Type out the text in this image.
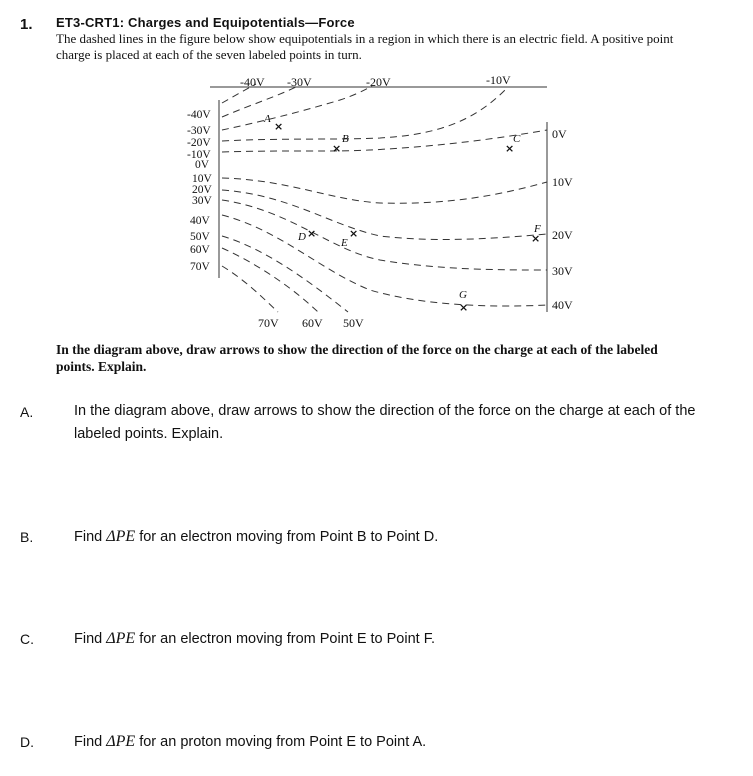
1. ET3-CRT1: Charges and Equipotentials—Force
The dashed lines in the figure below show equipotentials in a region in which there is an electric field. A positive point charge is placed at each of the seven labeled points in turn.
-40V -30V	-20V	-10V
-40V
-30V
-20V
-10V
0V
10V
20V
30V
40V
50V
60V
70V
0V
10V
20V
30V
40V
70V 60V 50V
A
B	C
D	E
F
G
×
×	×
×	×	×
×
In the diagram above, draw arrows to show the direction of the force on the charge at each of the labeled points. Explain.
A.	In the diagram above, draw arrows to show the direction of the force on the charge at each of the labeled points. Explain.
B.	Find ΔPE for an electron moving from Point B to Point D.
C.	Find ΔPE for an electron moving from Point E to Point F.
D.	Find ΔPE for an proton moving from Point E to Point A.
